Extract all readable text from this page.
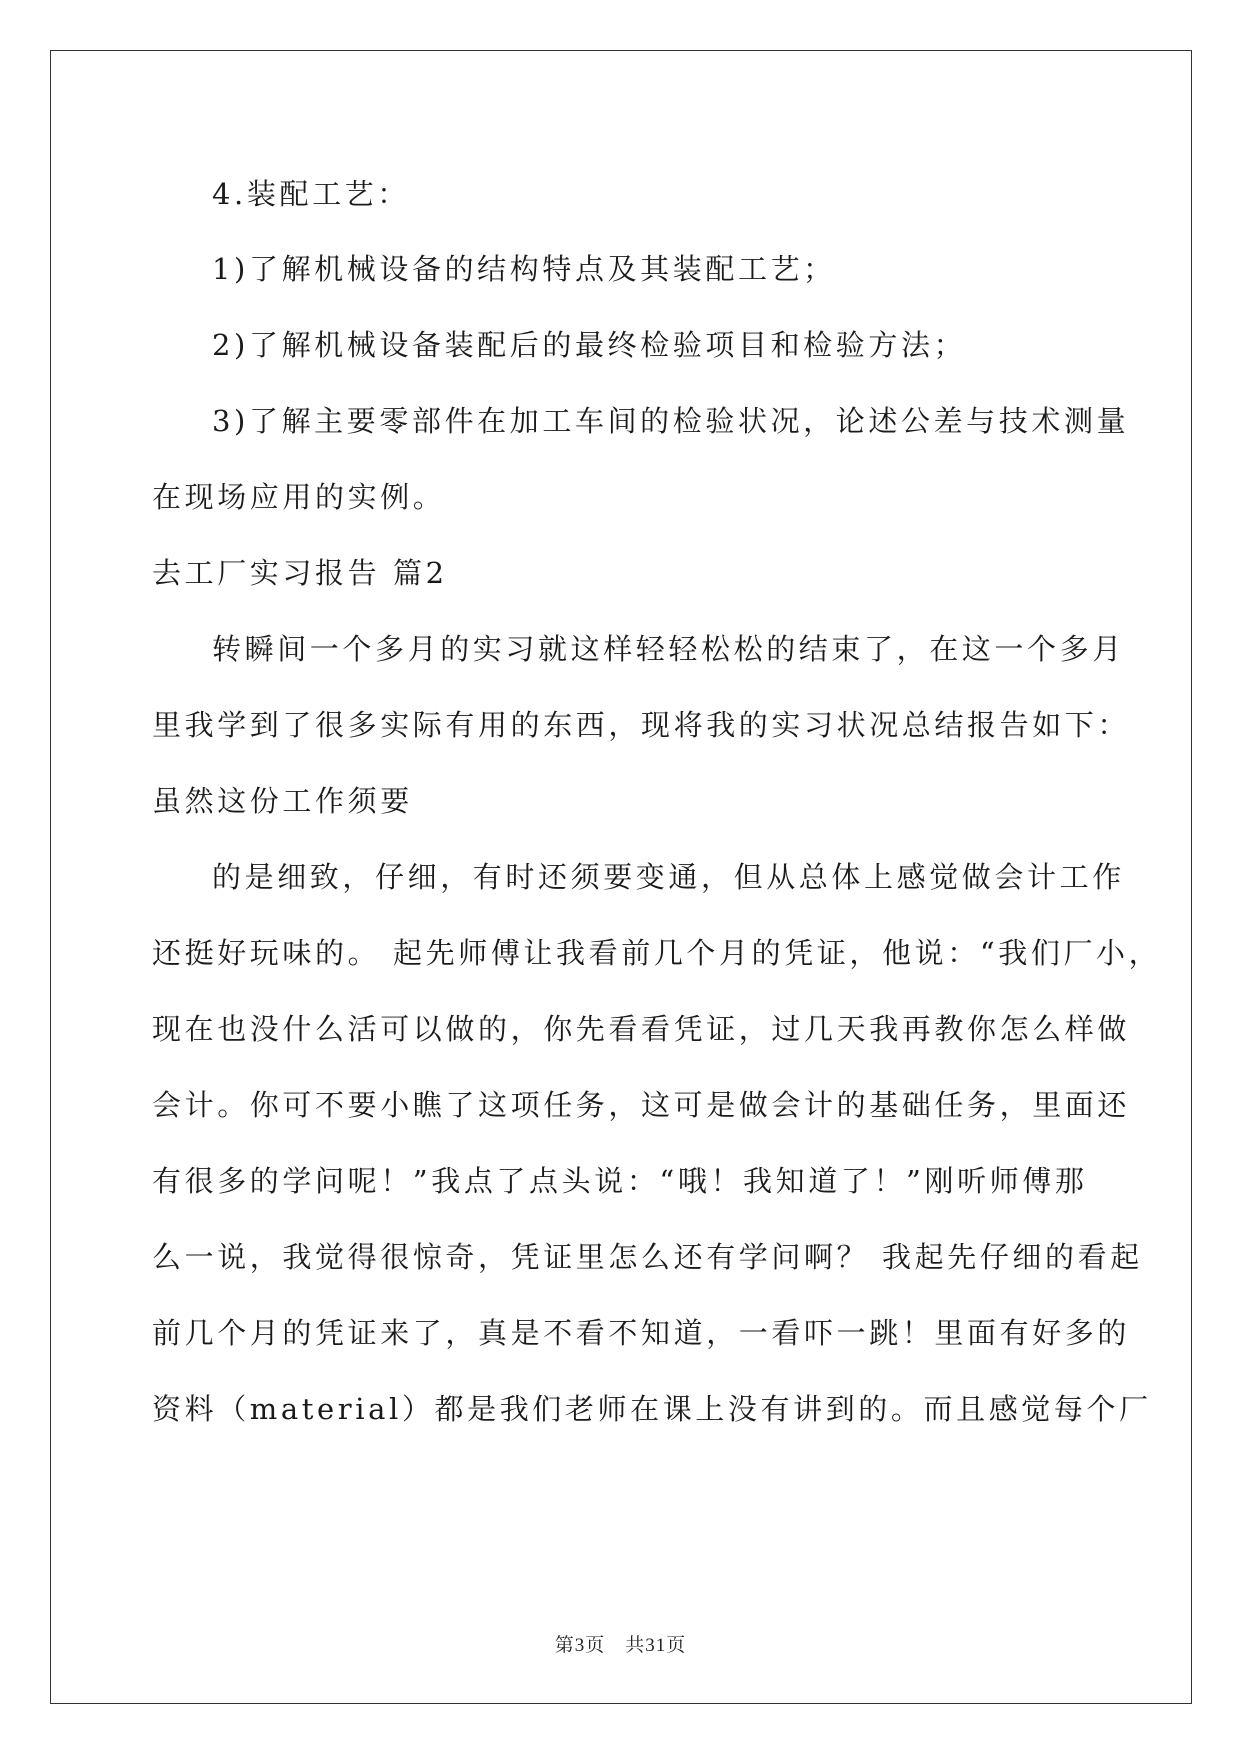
4.装配工艺：
1)了解机械设备的结构特点及其装配工艺；
2)了解机械设备装配后的最终检验项目和检验方法；
3)了解主要零部件在加工车间的检验状况，论述公差与技术测量
在现场应用的实例。
去工厂实习报告 篇2
转瞬间一个多月的实习就这样轻轻松松的结束了，在这一个多月
里我学到了很多实际有用的东西，现将我的实习状况总结报告如下：
虽然这份工作须要
的是细致，仔细，有时还须要变通，但从总体上感觉做会计工作
还挺好玩味的。 起先师傅让我看前几个月的凭证，他说：“我们厂小，
现在也没什么活可以做的，你先看看凭证，过几天我再教你怎么样做
会计。你可不要小瞧了这项任务，这可是做会计的基础任务，里面还
有很多的学问呢！”我点了点头说：“哦！我知道了！”刚听师傅那
么一说，我觉得很惊奇，凭证里怎么还有学问啊？ 我起先仔细的看起
前几个月的凭证来了，真是不看不知道，一看吓一跳！里面有好多的
资料（material）都是我们老师在课上没有讲到的。而且感觉每个厂
第3页　共31页
